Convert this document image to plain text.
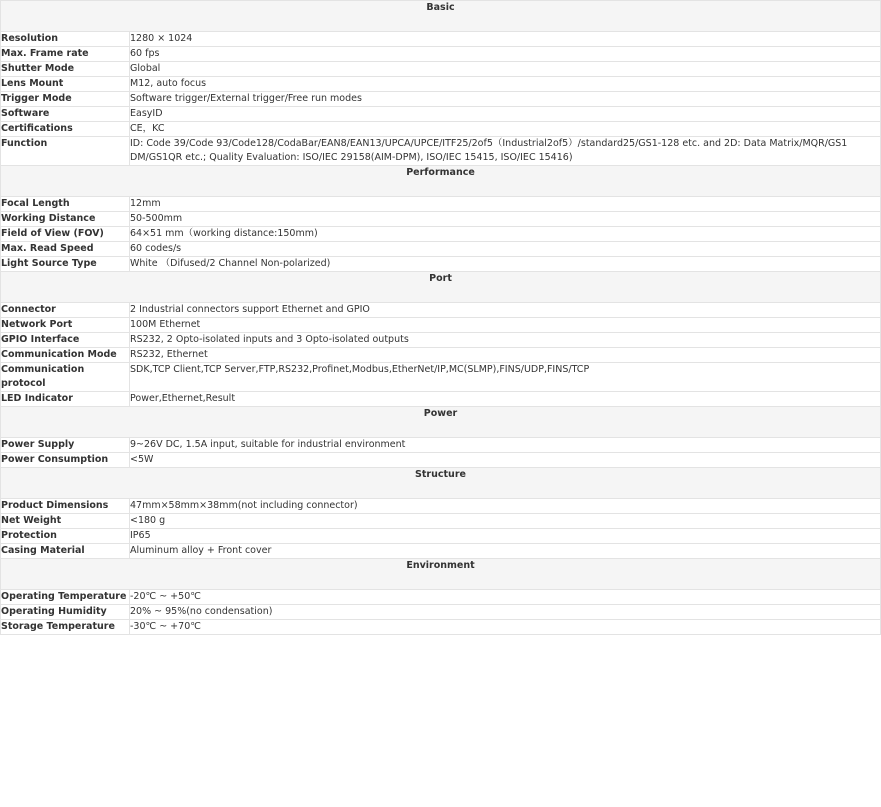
Basic	
Resolution	1280 × 1024
Max. Frame rate	60 fps
Shutter Mode	Global
Lens Mount	M12, auto focus
Trigger Mode	Software trigger/External trigger/Free run modes
Software	EasyID
Certifications	CE，KC
Function	ID: Code 39/Code 93/Code128/CodaBar/EAN8/EAN13/UPCA/UPCE/ITF25/2of5（Industrial2of5）/standard25/GS1-128 etc. and 2D: Data Matrix/MQR/GS1 DM/GS1QR etc.; Quality Evaluation: ISO/IEC 29158(AIM-DPM), ISO/IEC 15415, ISO/IEC 15416)
Performance	
Focal Length	12mm
Working Distance	50-500mm
Field of View (FOV)	64×51 mm（working distance:150mm)
Max. Read Speed	60 codes/s
Light Source Type	White （Difused/2 Channel Non-polarized)
Port	
Connector	2 Industrial connectors support Ethernet and GPIO
Network Port	100M Ethernet
GPIO Interface	RS232, 2 Opto-isolated inputs and 3 Opto-isolated outputs
Communication Mode	RS232, Ethernet
Communication protocol	SDK,TCP Client,TCP Server,FTP,RS232,Profinet,Modbus,EtherNet/IP,MC(SLMP),FINS/UDP,FINS/TCP
LED Indicator	Power,Ethernet,Result
Power	
Power Supply	9~26V DC, 1.5A input, suitable for industrial environment
Power Consumption	<5W
Structure	
Product Dimensions	47mm×58mm×38mm(not including connector)
Net Weight	<180 g
Protection	IP65
Casing Material	Aluminum alloy + Front cover
Environment	
Operating Temperature	-20℃ ~ +50℃
Operating Humidity	20% ~ 95%(no condensation)
Storage Temperature	-30℃ ~ +70℃
